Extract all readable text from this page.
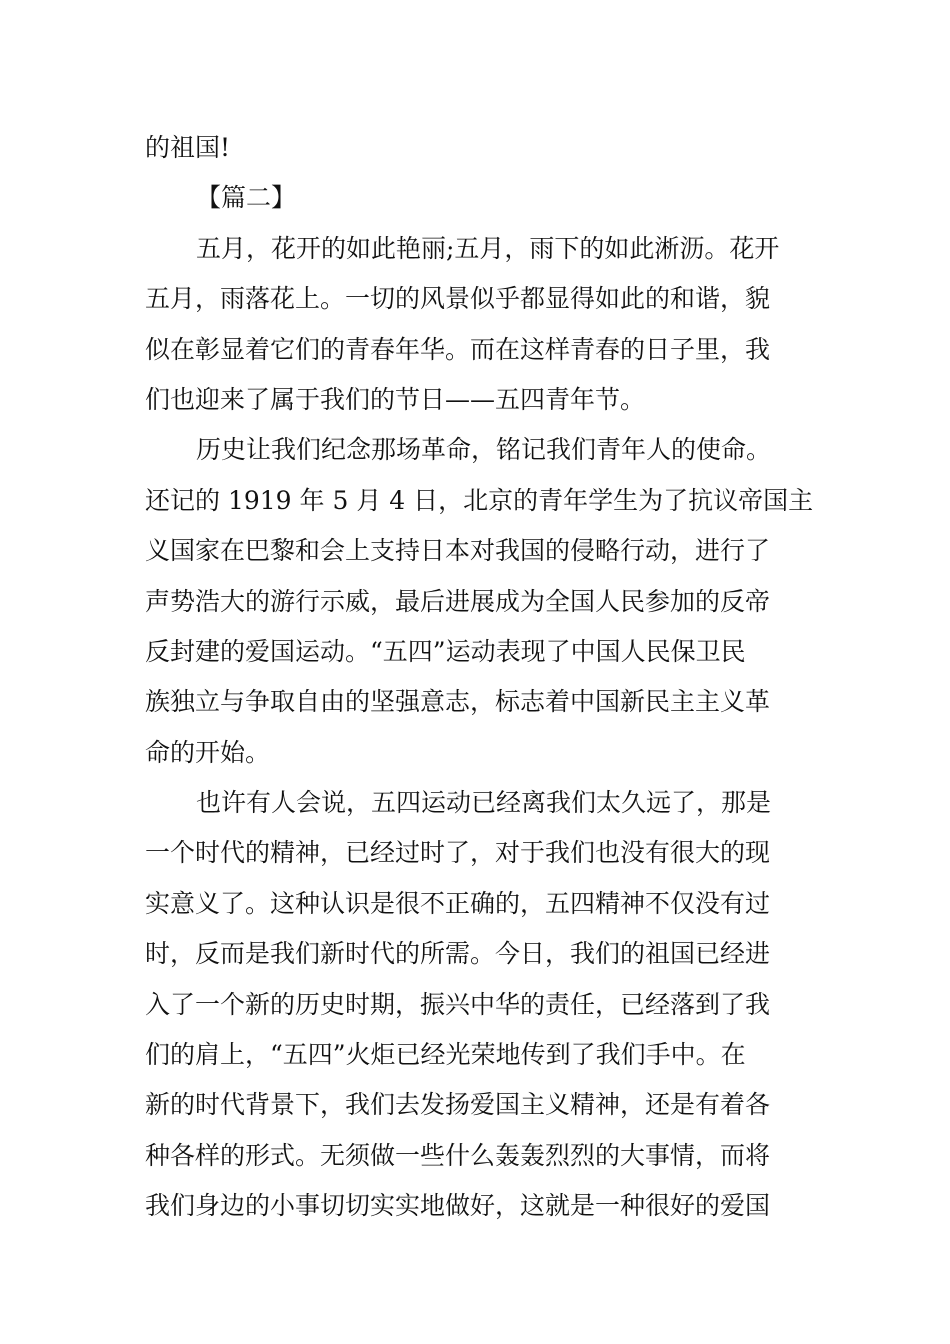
的祖国!
【篇二】
五月，花开的如此艳丽;五月，雨下的如此淅沥。花开
五月，雨落花上。一切的风景似乎都显得如此的和谐，貌
似在彰显着它们的青春年华。而在这样青春的日子里，我
们也迎来了属于我们的节日——五四青年节。
历史让我们纪念那场革命，铭记我们青年人的使命。
还记的 1919 年 5 月 4 日，北京的青年学生为了抗议帝国主
义国家在巴黎和会上支持日本对我国的侵略行动，进行了
声势浩大的游行示威，最后进展成为全国人民参加的反帝
反封建的爱国运动。“五四”运动表现了中国人民保卫民
族独立与争取自由的坚强意志，标志着中国新民主主义革
命的开始。
也许有人会说，五四运动已经离我们太久远了，那是
一个时代的精神，已经过时了，对于我们也没有很大的现
实意义了。这种认识是很不正确的，五四精神不仅没有过
时，反而是我们新时代的所需。今日，我们的祖国已经进
入了一个新的历史时期，振兴中华的责任，已经落到了我
们的肩上，“五四”火炬已经光荣地传到了我们手中。在
新的时代背景下，我们去发扬爱国主义精神，还是有着各
种各样的形式。无须做一些什么轰轰烈烈的大事情，而将
我们身边的小事切切实实地做好，这就是一种很好的爱国
